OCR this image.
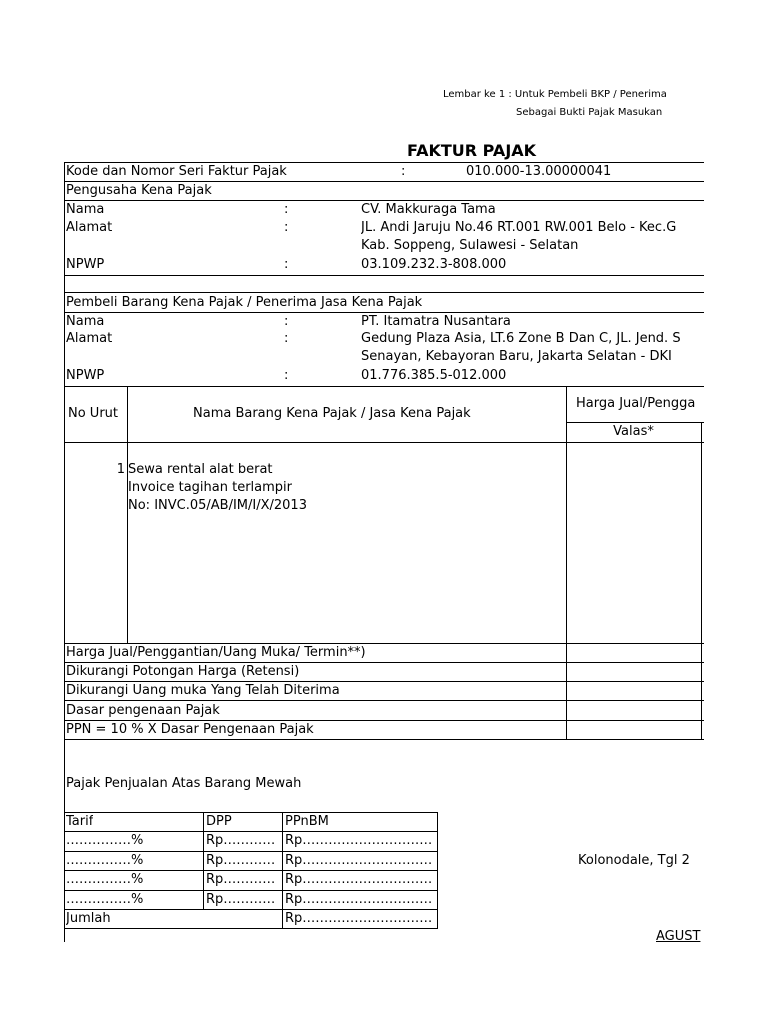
Lembar ke 1 : Untuk Pembeli BKP / Penerima
Sebagai Bukti Pajak Masukan
FAKTUR PAJAK
Kode dan Nomor Seri Faktur Pajak	:	010.000-13.00000041
Pengusaha Kena Pajak
Nama	:	CV. Makkuraga Tama
Alamat	:	JL. Andi Jaruju No.46 RT.001 RW.001 Belo - Kec.G
Kab. Soppeng, Sulawesi - Selatan
NPWP	:	03.109.232.3-808.000
Pembeli Barang Kena Pajak / Penerima Jasa Kena Pajak
Nama	:	PT. Itamatra Nusantara
Alamat	:	Gedung Plaza Asia, LT.6 Zone B Dan C, JL. Jend. S
Senayan, Kebayoran Baru, Jakarta Selatan - DKI
NPWP	:	01.776.385.5-012.000
No Urut	Nama Barang Kena Pajak / Jasa Kena Pajak
Harga Jual/Pengga
Valas*
1 Sewa rental alat berat
Invoice tagihan terlampir
No: INVC.05/AB/IM/I/X/2013
Harga Jual/Penggantian/Uang Muka/ Termin**)
Dikurangi Potongan Harga (Retensi)
Dikurangi Uang muka Yang Telah Diterima
Dasar pengenaan Pajak
PPN = 10 % X Dasar Pengenaan Pajak
Pajak Penjualan Atas Barang Mewah
Tarif	DPP	PPnBM
……………%	Rp………… Rp…………………………
……………%	Rp………… Rp…………………………
……………%	Rp………… Rp…………………………
……………%	Rp………… Rp…………………………
Jumlah	Rp…………………………
Kolonodale, Tgl 2
AGUST
